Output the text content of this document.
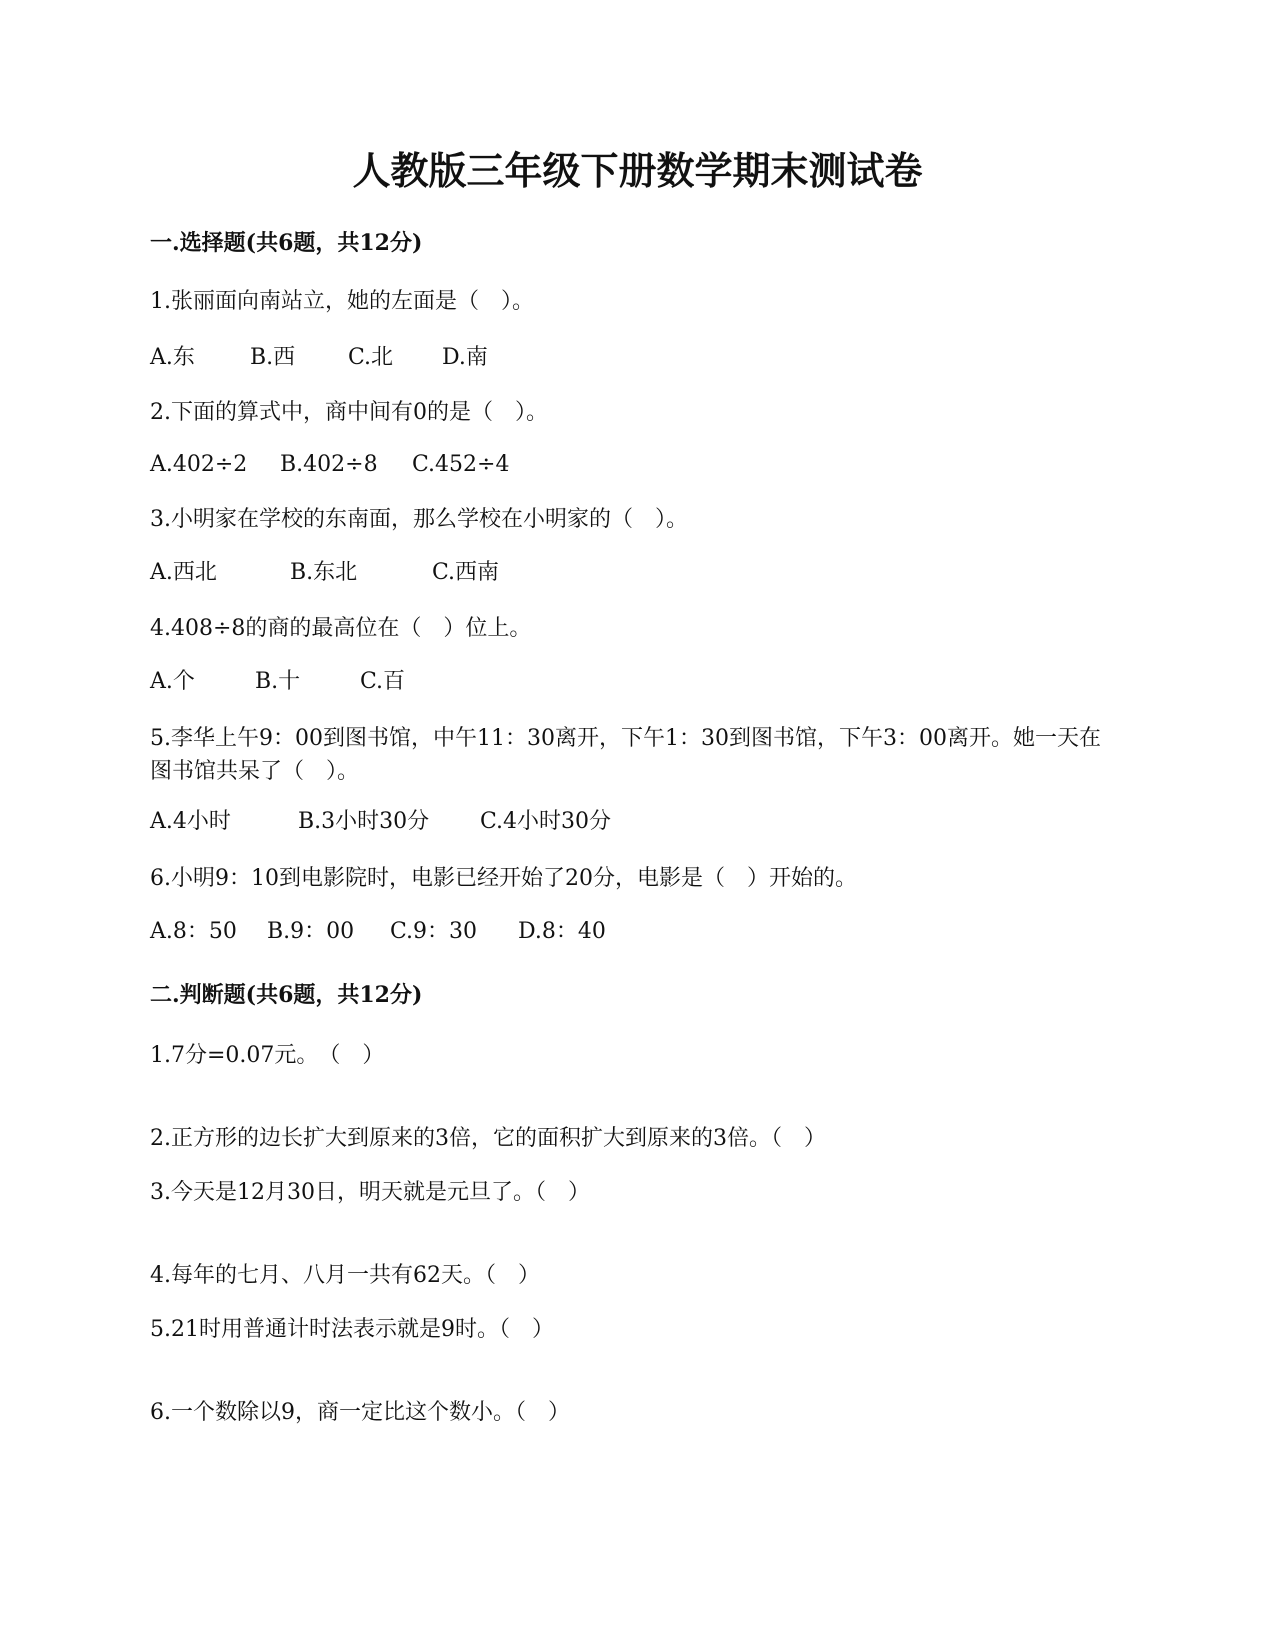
人教版三年级下册数学期末测试卷
一.选择题(共6题，共12分)
1.张丽面向南站立，她的左面是（　）。
A.东	B.西 C.北 D.南
2.下面的算式中，商中间有0的是（　）。
A.402÷2 B.402÷8 C.452÷4
3.小明家在学校的东南面，那么学校在小明家的（　）。
A.西北	B.东北	C.西南
4.408÷8的商的最高位在（　）位上。
A.个	B.十	C.百
5.李华上午9：00到图书馆，中午11：30离开，下午1：30到图书馆，下午3：00离开。她一天在图书馆共呆了（　）。
A.4小时	B.3小时30分 C.4小时30分
6.小明9：10到电影院时，电影已经开始了20分，电影是（　）开始的。
A.8：50 B.9：00 C.9：30 D.8：40
二.判断题(共6题，共12分)
1.7分=0.07元。　（　）
2.正方形的边长扩大到原来的3倍，它的面积扩大到原来的3倍。（　）
3.今天是12月30日，明天就是元旦了。（　）
4.每年的七月、八月一共有62天。（　）
5.21时用普通计时法表示就是9时。（　）
6.一个数除以9，商一定比这个数小。（　）
